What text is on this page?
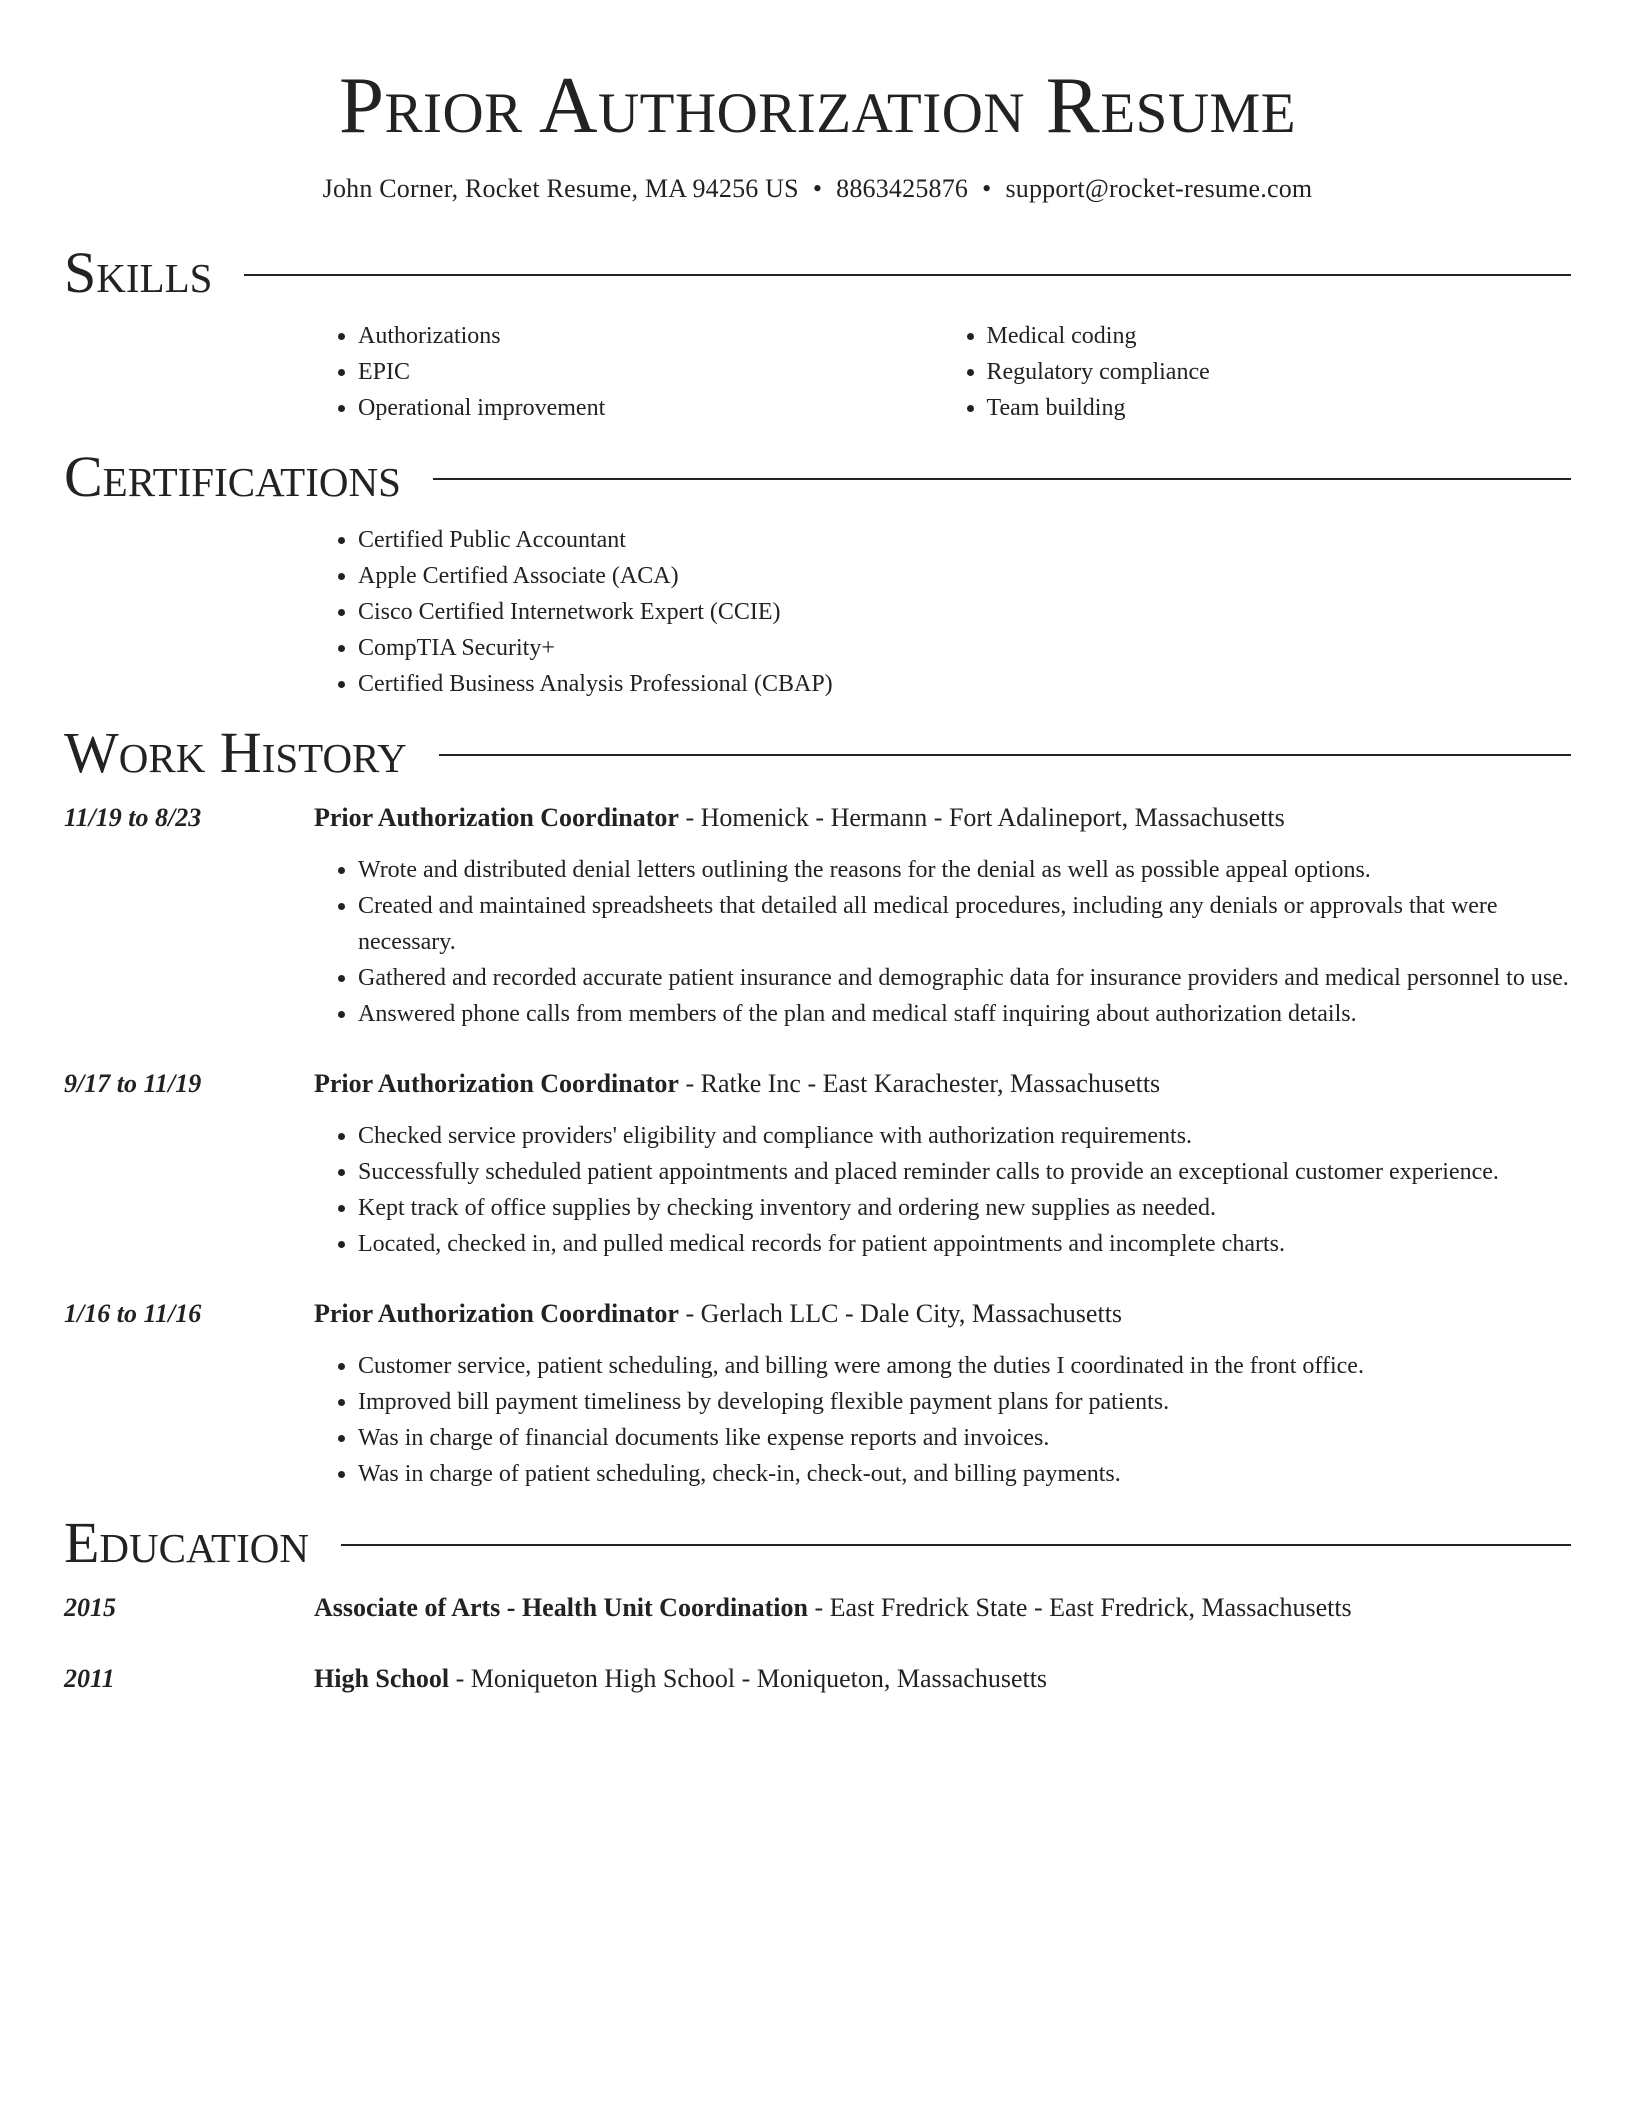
Prior Authorization Resume
John Corner, Rocket Resume, MA 94256 US • 8863425876 • support@rocket-resume.com
Skills
• Authorizations
• EPIC
• Operational improvement
• Medical coding
• Regulatory compliance
• Team building
Certifications
• Certified Public Accountant
• Apple Certified Associate (ACA)
• Cisco Certified Internetwork Expert (CCIE)
• CompTIA Security+
• Certified Business Analysis Professional (CBAP)
Work History
11/19 to 8/23	Prior Authorization Coordinator - Homenick - Hermann - Fort Adalineport, Massachusetts
• Wrote and distributed denial letters outlining the reasons for the denial as well as possible appeal options.
• Created and maintained spreadsheets that detailed all medical procedures, including any denials or approvals that were necessary.
• Gathered and recorded accurate patient insurance and demographic data for insurance providers and medical personnel to use.
• Answered phone calls from members of the plan and medical staff inquiring about authorization details.
9/17 to 11/19	Prior Authorization Coordinator - Ratke Inc - East Karachester, Massachusetts
• Checked service providers' eligibility and compliance with authorization requirements.
• Successfully scheduled patient appointments and placed reminder calls to provide an exceptional customer experience.
• Kept track of office supplies by checking inventory and ordering new supplies as needed.
• Located, checked in, and pulled medical records for patient appointments and incomplete charts.
1/16 to 11/16	Prior Authorization Coordinator - Gerlach LLC - Dale City, Massachusetts
• Customer service, patient scheduling, and billing were among the duties I coordinated in the front office.
• Improved bill payment timeliness by developing flexible payment plans for patients.
• Was in charge of financial documents like expense reports and invoices.
• Was in charge of patient scheduling, check-in, check-out, and billing payments.
Education
2015	Associate of Arts - Health Unit Coordination - East Fredrick State - East Fredrick, Massachusetts
2011	High School - Moniqueton High School - Moniqueton, Massachusetts
